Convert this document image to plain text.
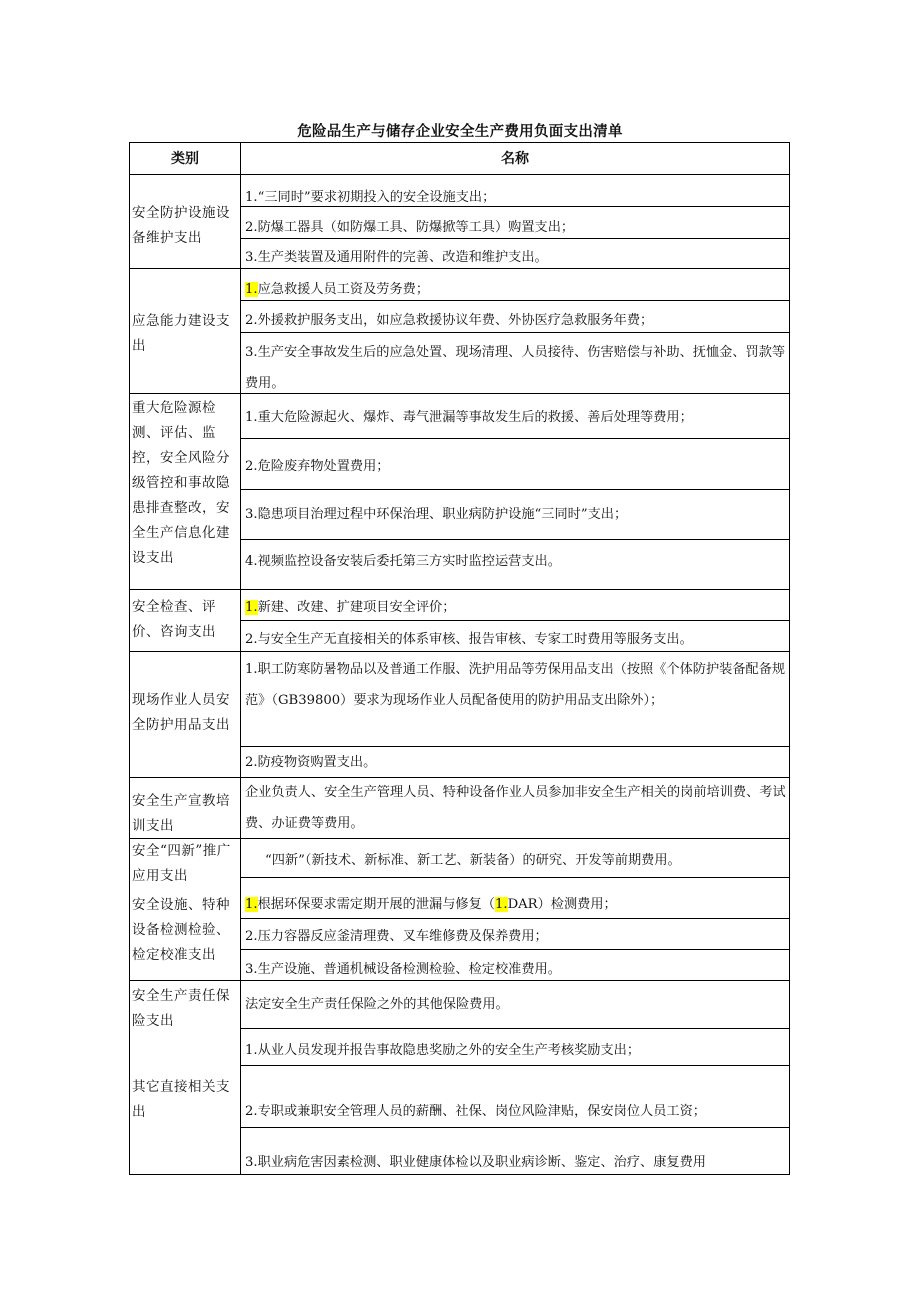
危险品生产与储存企业安全生产费用负面支出清单
类别	名称
安全防护设施设备维护支出
1.“三同时”要求初期投入的安全设施支出；
2.防爆工器具（如防爆工具、防爆掀等工具）购置支出；
3.生产类装置及通用附件的完善、改造和维护支出。
应急能力建设支出
1.应急救援人员工资及劳务费；
2.外援救护服务支出，如应急救援协议年费、外协医疗急救服务年费；
3.生产安全事故发生后的应急处置、现场清理、人员接待、伤害赔偿与补助、抚恤金、罚款等费用。
重大危险源检测、评估、监控，安全风险分级管控和事故隐患排查整改，安全生产信息化建设支出
1.重大危险源起火、爆炸、毒气泄漏等事故发生后的救援、善后处理等费用；
2.危险废弃物处置费用；
3.隐患项目治理过程中环保治理、职业病防护设施“三同时”支出；
4.视频监控设备安装后委托第三方实时监控运营支出。
安全检查、评价、咨询支出
1.新建、改建、扩建项目安全评价；
2.与安全生产无直接相关的体系审核、报告审核、专家工时费用等服务支出。
现场作业人员安全防护用品支出
1.职工防寒防暑物品以及普通工作服、洗护用品等劳保用品支出（按照《个体防护装备配备规范》（GB39800）要求为现场作业人员配备使用的防护用品支出除外）；
2.防疫物资购置支出。
安全生产宣教培训支出
企业负责人、安全生产管理人员、特种设备作业人员参加非安全生产相关的岗前培训费、考试费、办证费等费用。
安全“四新”推广应用支出
“四新”（新技术、新标准、新工艺、新装备）的研究、开发等前期费用。
安全设施、特种设备检测检验、检定校准支出
1.根据环保要求需定期开展的泄漏与修复（1.DAR）检测费用；
2.压力容器反应釜清理费、叉车维修费及保养费用；
3.生产设施、普通机械设备检测检验、检定校准费用。
安全生产责任保险支出
法定安全生产责任保险之外的其他保险费用。
其它直接相关支出
1.从业人员发现并报告事故隐患奖励之外的安全生产考核奖励支出；
2.专职或兼职安全管理人员的薪酬、社保、岗位风险津贴，保安岗位人员工资；
3.职业病危害因素检测、职业健康体检以及职业病诊断、鉴定、治疗、康复费用
